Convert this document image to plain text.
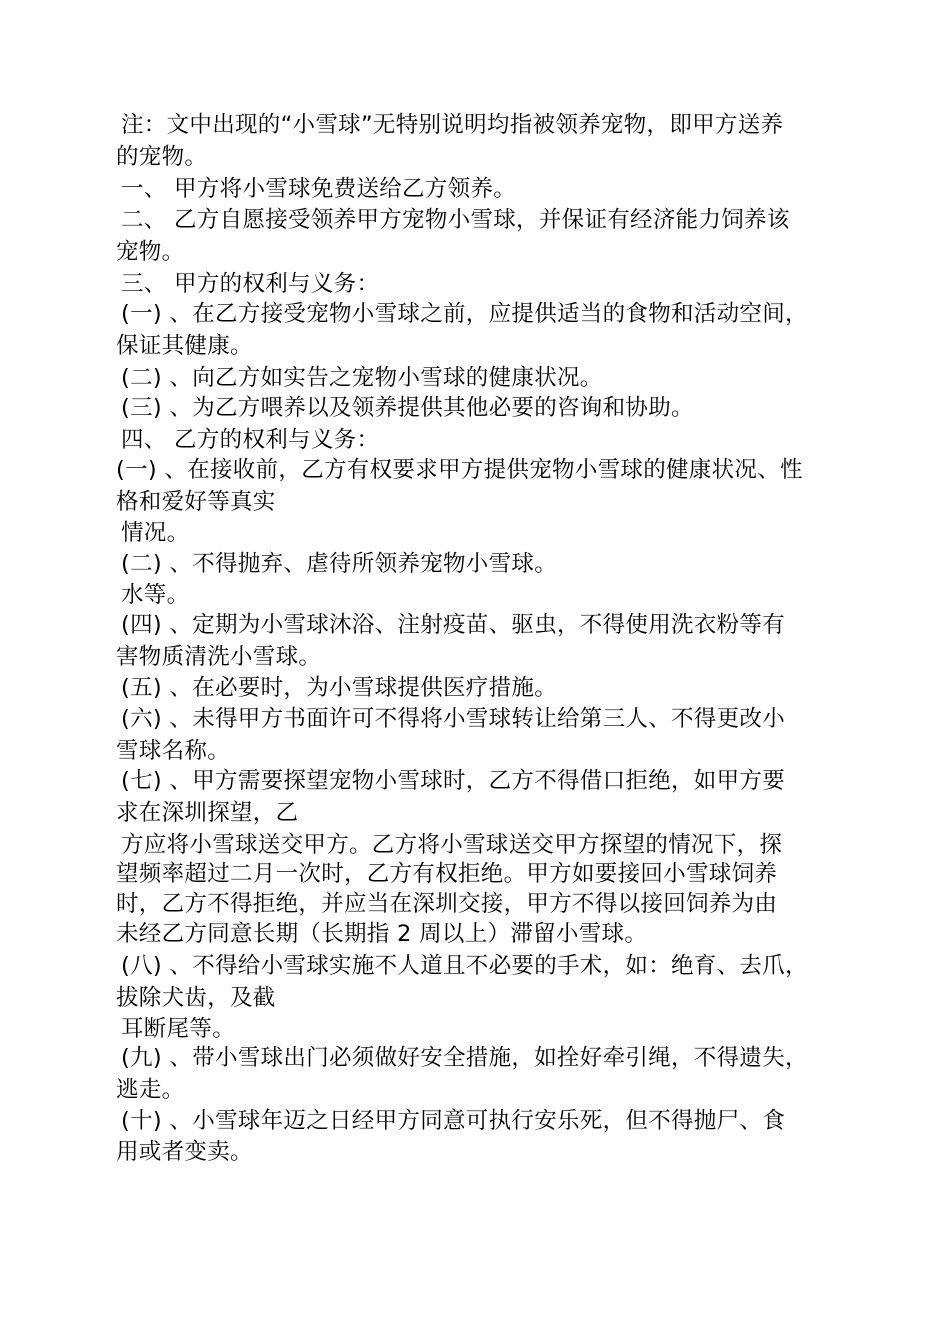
注：文中出现的“小雪球”无特别说明均指被领养宠物，即甲方送养
的宠物。
一、 甲方将小雪球免费送给乙方领养。
二、 乙方自愿接受领养甲方宠物小雪球，并保证有经济能力饲养该
宠物。
三、 甲方的权利与义务：
(一) 、在乙方接受宠物小雪球之前，应提供适当的食物和活动空间，
保证其健康。
(二) 、向乙方如实告之宠物小雪球的健康状况。
(三) 、为乙方喂养以及领养提供其他必要的咨询和协助。
四、 乙方的权利与义务：
(一) 、在接收前，乙方有权要求甲方提供宠物小雪球的健康状况、性
格和爱好等真实
情况。
(二) 、不得抛弃、虐待所领养宠物小雪球。
水等。
(四) 、定期为小雪球沐浴、注射疫苗、驱虫，不得使用洗衣粉等有
害物质清洗小雪球。
(五) 、在必要时，为小雪球提供医疗措施。
(六) 、未得甲方书面许可不得将小雪球转让给第三人、不得更改小
雪球名称。
(七) 、甲方需要探望宠物小雪球时，乙方不得借口拒绝，如甲方要
求在深圳探望，乙
方应将小雪球送交甲方。乙方将小雪球送交甲方探望的情况下，探
望频率超过二月一次时，乙方有权拒绝。甲方如要接回小雪球饲养
时，乙方不得拒绝，并应当在深圳交接，甲方不得以接回饲养为由
未经乙方同意长期（长期指 2 周以上）滞留小雪球。
(八) 、不得给小雪球实施不人道且不必要的手术，如：绝育、去爪，
拔除犬齿，及截
耳断尾等。
(九) 、带小雪球出门必须做好安全措施，如拴好牵引绳，不得遗失，
逃走。
(十) 、小雪球年迈之日经甲方同意可执行安乐死，但不得抛尸、食
用或者变卖。
